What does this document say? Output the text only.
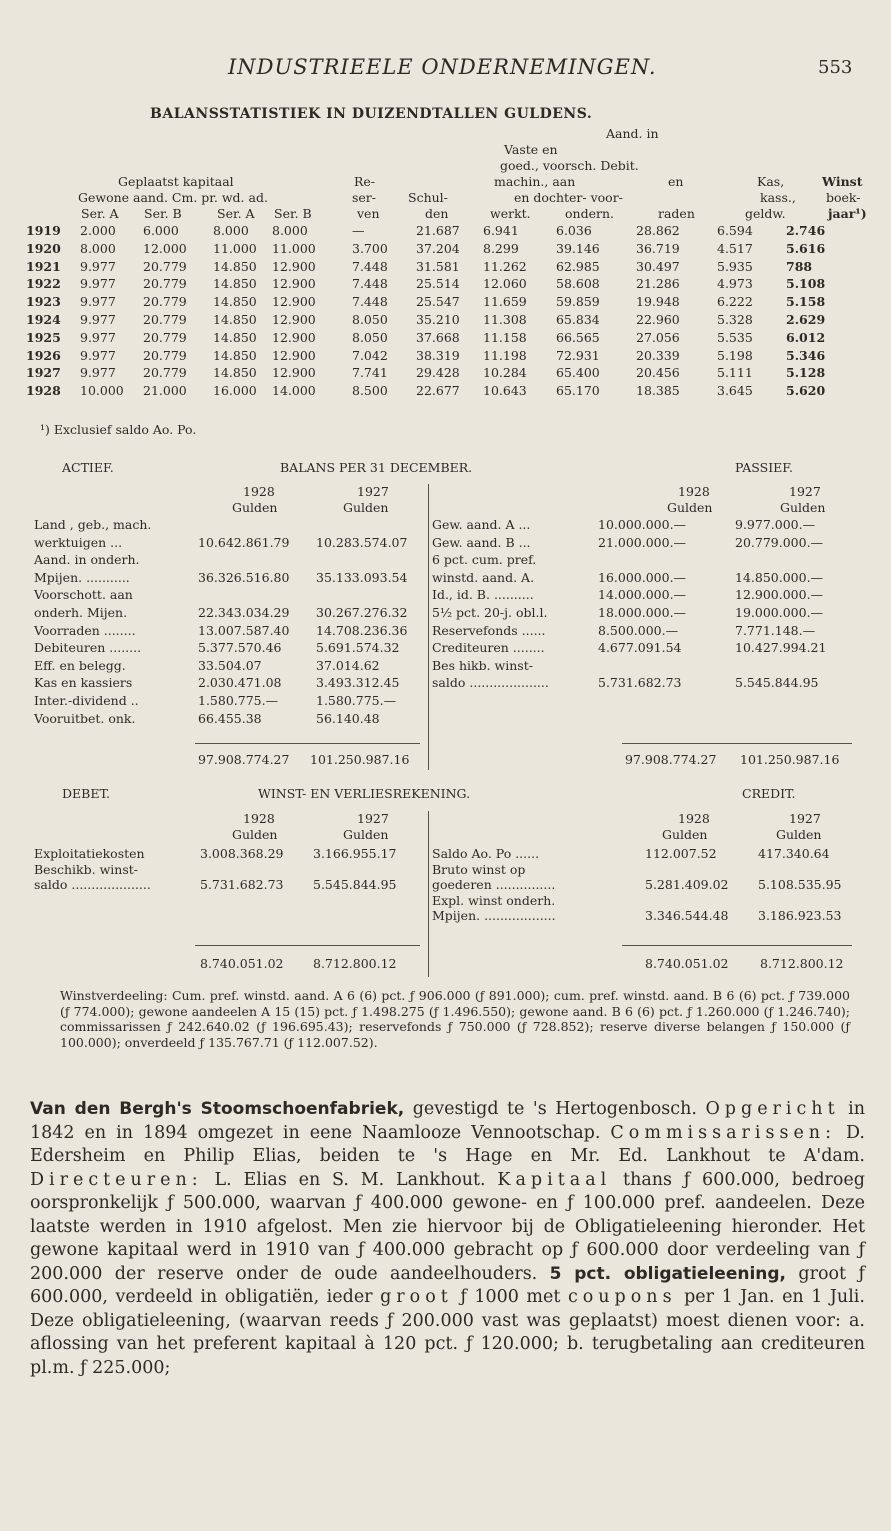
INDUSTRIEELE ONDERNEMINGEN.	553
BALANSSTATISTIEK IN DUIZENDTALLEN GULDENS.
Aand. in
Vaste en
goed., voorsch. Debit.
Geplaatst kapitaal	Re-	machin., aan	en	Kas,	Winst
Gewone aand. Cm. pr. wd. ad.	ser-	Schul-	en dochter- voor-	kass., boek-
Ser. A Ser. B	Ser. A Ser. B	ven	den	werkt.	ondern.	raden	geldw.	jaar¹)
1919 2.000 6.000	8.000 8.000	—	21.687 6.941	6.036	28.862	6.594	2.746
1920 8.000 12.000 11.000 11.000	3.700 37.204 8.299	39.146	36.719	4.517	5.616
1921 9.977 20.779 14.850 12.900	7.448 31.581 11.262 62.985	30.497	5.935	788
1922 9.977 20.779 14.850 12.900	7.448 25.514 12.060 58.608	21.286	4.973	5.108
1923 9.977 20.779 14.850 12.900	7.448 25.547 11.659 59.859	19.948	6.222	5.158
1924 9.977 20.779 14.850 12.900	8.050 35.210 11.308 65.834	22.960	5.328	2.629
1925 9.977 20.779 14.850 12.900	8.050 37.668 11.158 66.565	27.056	5.535	6.012
1926 9.977 20.779 14.850 12.900	7.042 38.319 11.198 72.931	20.339	5.198	5.346
1927 9.977 20.779 14.850 12.900	7.741 29.428 10.284 65.400	20.456	5.111	5.128
1928 10.000 21.000 16.000 14.000	8.500 22.677 10.643 65.170	18.385	3.645	5.620
¹) Exclusief saldo Ao. Po.
ACTIEF.	BALANS PER 31 DECEMBER.	PASSIEF.
1928	1927
Gulden	Gulden
1928	1927
Gulden	Gulden
Land , geb., mach.
werktuigen ...	10.642.861.79 10.283.574.07
Aand. in onderh.
Mpijen. ...........	36.326.516.80 35.133.093.54
Voorschott. aan
onderh. Mijen.	22.343.034.29 30.267.276.32
Voorraden ........	13.007.587.40 14.708.236.36
Debiteuren ........	5.377.570.46	5.691.574.32
Eff. en belegg.	33.504.07	37.014.62
Kas en kassiers	2.030.471.08	3.493.312.45
Inter.-dividend ..	1.580.775.—	1.580.775.—
Vooruitbet. onk.	66.455.38	56.140.48
Gew. aand. A ...	10.000.000.—	9.977.000.—
Gew. aand. B ...	21.000.000.—	20.779.000.—
6 pct. cum. pref.
winstd. aand. A.	16.000.000.—	14.850.000.—
Id., id. B. ..........	14.000.000.—	12.900.000.—
5½ pct. 20-j. obl.l.	18.000.000.—	19.000.000.—
Reservefonds ......	8.500.000.—	7.771.148.—
Crediteuren ........	4.677.091.54	10.427.994.21
Bes hikb. winst-
saldo ....................	5.731.682.73	5.545.844.95
97.908.774.27 101.250.987.16	97.908.774.27 101.250.987.16
DEBET.	WINST- EN VERLIESREKENING.	CREDIT.
1928	1927
Gulden	Gulden
1928	1927
Gulden	Gulden
Exploitatiekosten	3.008.368.29 3.166.955.17
Beschikb. winst-
saldo ....................	5.731.682.73 5.545.844.95
Saldo Ao. Po ......	112.007.52	417.340.64
Bruto winst op
goederen ...............	5.281.409.02 5.108.535.95
Expl. winst onderh.
Mpijen. ..................	3.346.544.48 3.186.923.53
8.740.051.02 8.712.800.12	8.740.051.02	8.712.800.12
Winstverdeeling: Cum. pref. winstd. aand. A 6 (6) pct. ƒ 906.000 (ƒ 891.000); cum. pref. winstd. aand. B 6 (6) pct. ƒ 739.000 (ƒ 774.000); gewone aandeelen A 15 (15) pct. ƒ 1.498.275 (ƒ 1.496.550); gewone aand. B 6 (6) pct. ƒ 1.260.000 (ƒ 1.246.740); commissarissen ƒ 242.640.02 (ƒ 196.695.43); reservefonds ƒ 750.000 (ƒ 728.852); reserve diverse belangen ƒ 150.000 (ƒ 100.000); onverdeeld ƒ 135.767.71 (ƒ 112.007.52).
Van den Bergh's Stoomschoenfabriek, gevestigd te 's Hertogenbosch. Opgericht in 1842 en in 1894 omgezet in eene Naamlooze Vennootschap. Commissarissen: D. Edersheim en Philip Elias, beiden te 's Hage en Mr. Ed. Lankhout te A'dam. Directeuren: L. Elias en S. M. Lankhout. Kapitaal thans ƒ 600.000, bedroeg oorspronkelijk ƒ 500.000, waarvan ƒ 400.000 gewone- en ƒ 100.000 pref. aandeelen. Deze laatste werden in 1910 afgelost. Men zie hiervoor bij de Obligatieleening hieronder. Het gewone kapitaal werd in 1910 van ƒ 400.000 gebracht op ƒ 600.000 door verdeeling van ƒ 200.000 der reserve onder de oude aandeelhouders. 5 pct. obligatieleening, groot ƒ 600.000, verdeeld in obligatiën, ieder groot ƒ 1000 met coupons per 1 Jan. en 1 Juli. Deze obligatieleening, (waarvan reeds ƒ 200.000 vast was geplaatst) moest dienen voor: a. aflossing van het preferent kapitaal à 120 pct. ƒ 120.000; b. terugbetaling aan crediteuren pl.m. ƒ 225.000;
